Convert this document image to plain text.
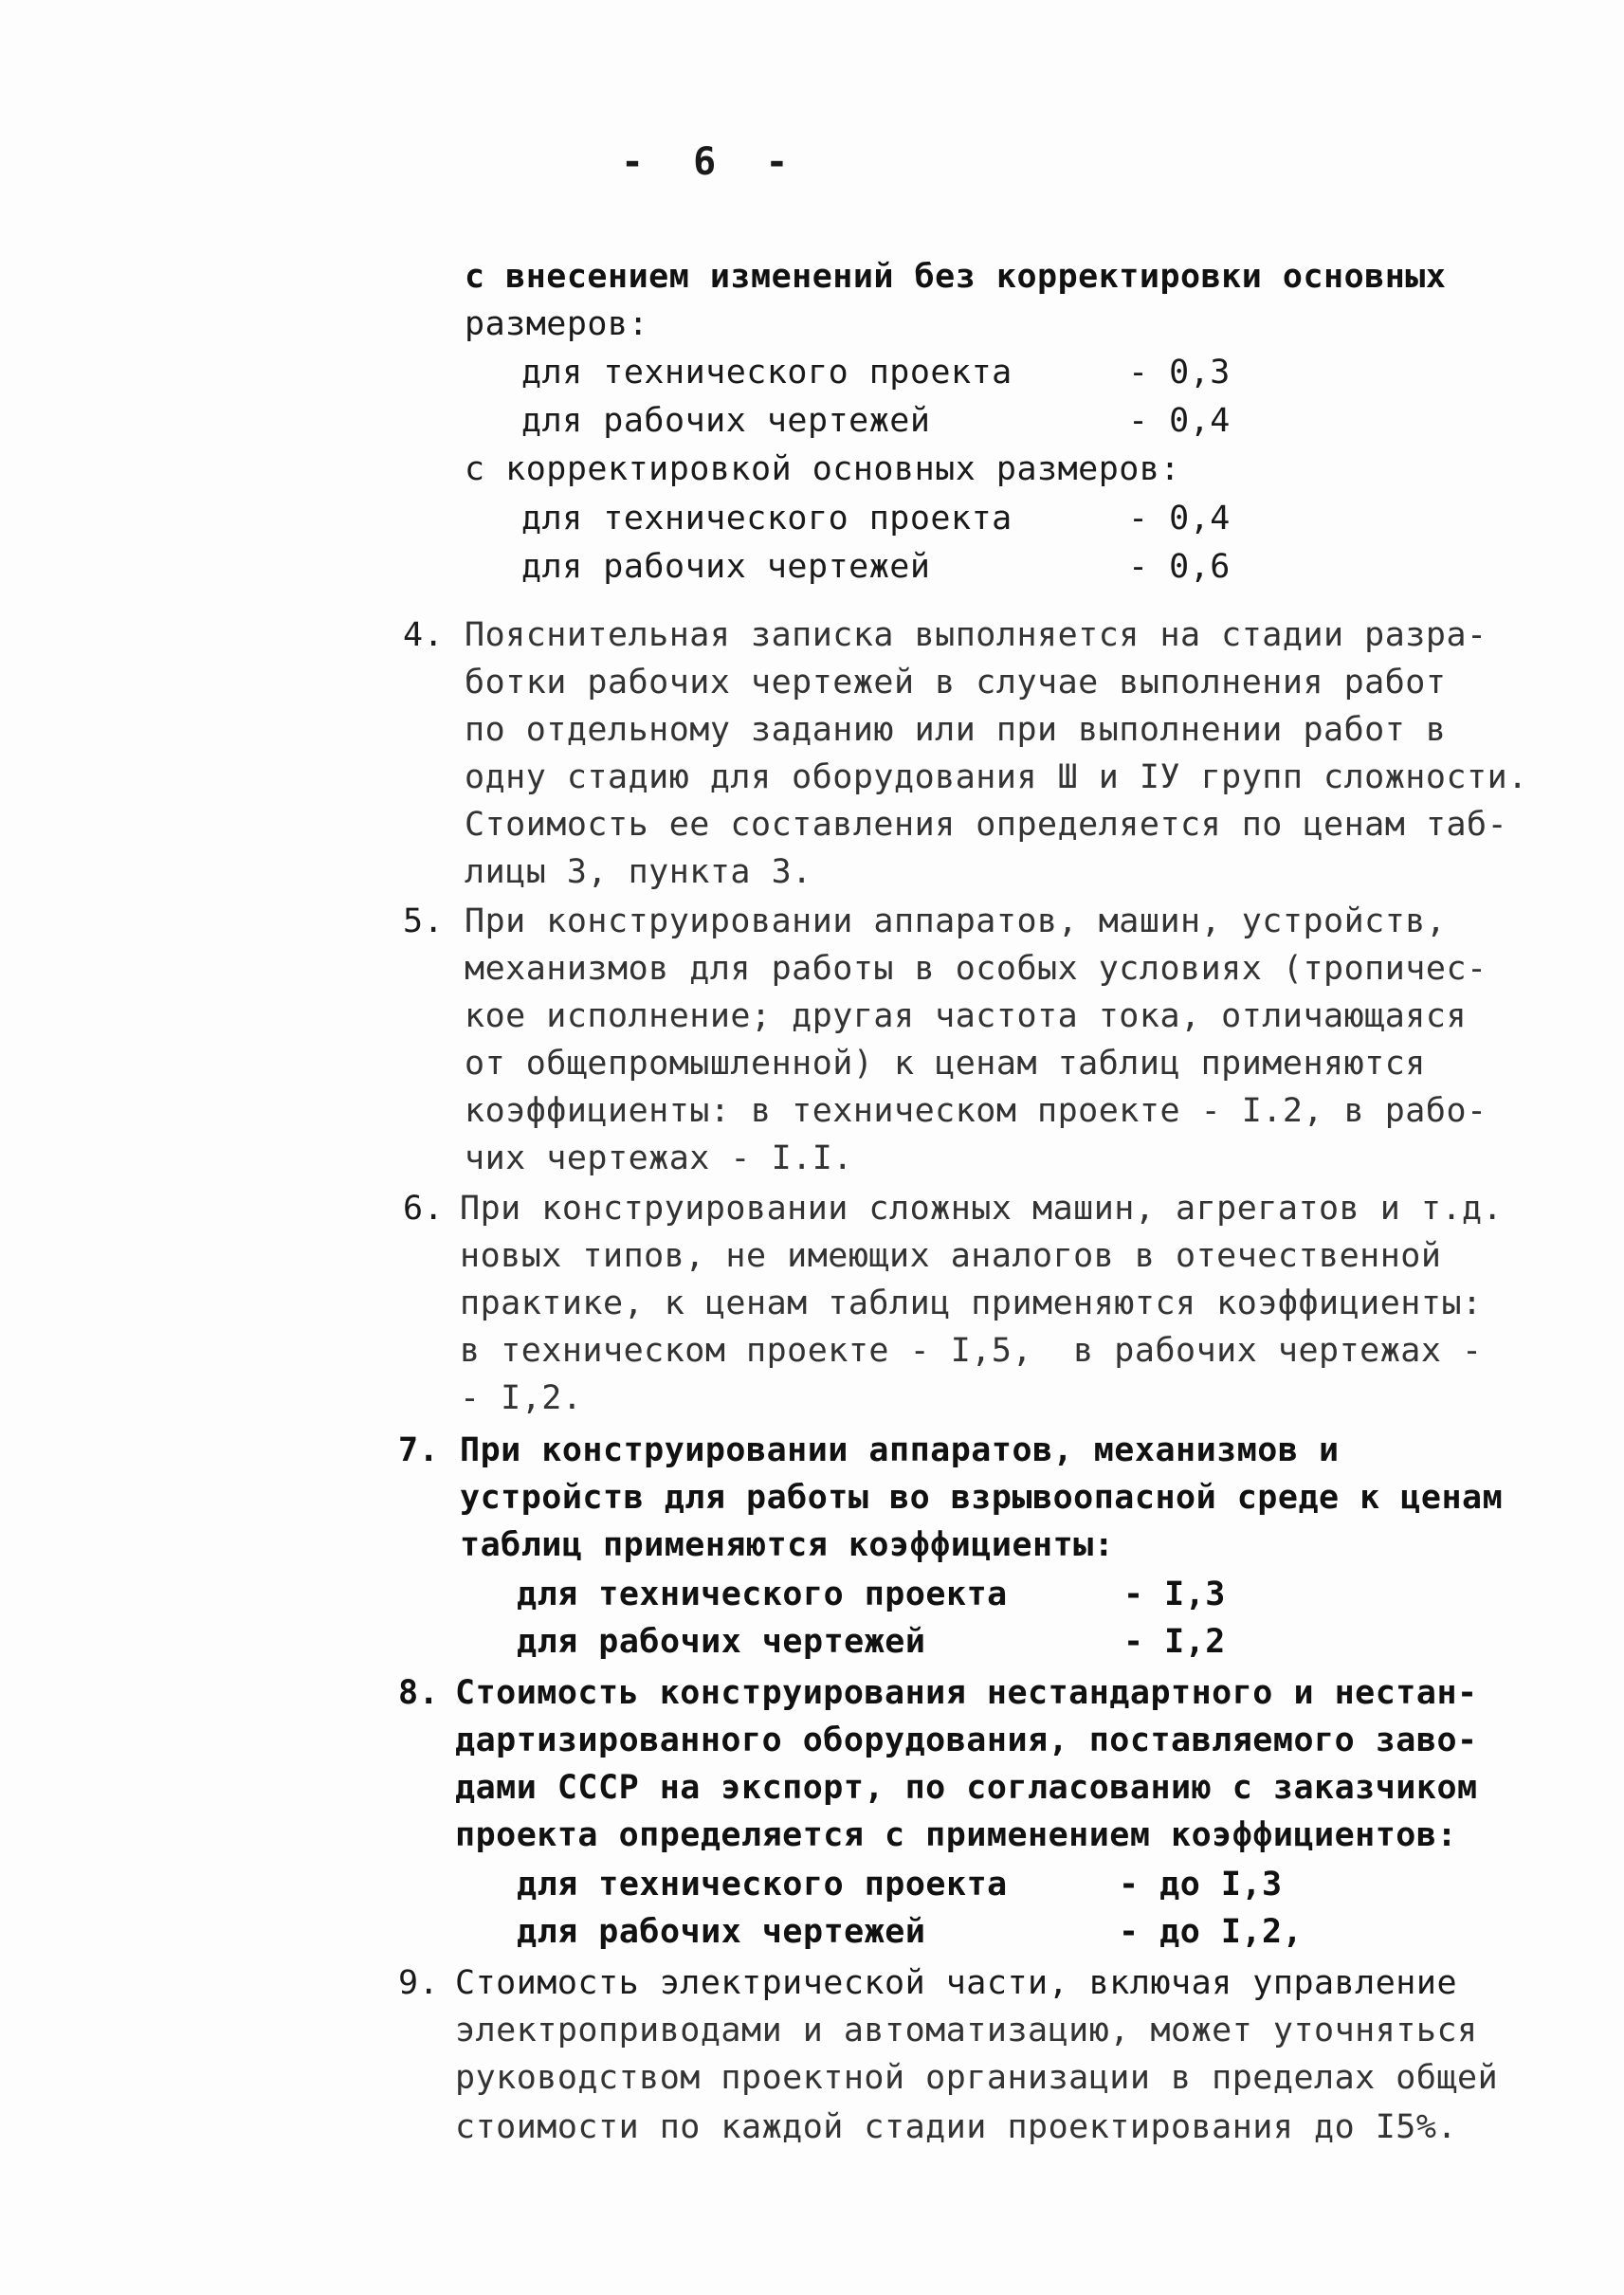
- 6 -
с внесением изменений без корректировки основных
размеров:
для технического проекта	- 0,3
для рабочих чертежей	- 0,4
с корректировкой основных размеров:
для технического проекта	- 0,4
для рабочих чертежей	- 0,6
4. Пояснительная записка выполняется на стадии разра-
ботки рабочих чертежей в случае выполнения работ
по отдельному заданию или при выполнении работ в
одну стадию для оборудования Ш и IУ групп сложности.
Стоимость ее составления определяется по ценам таб-
лицы 3, пункта 3.
5. При конструировании аппаратов, машин, устройств,
механизмов для работы в особых условиях (тропичес-
кое исполнение; другая частота тока, отличающаяся
от общепромышленной) к ценам таблиц применяются
коэффициенты: в техническом проекте - I.2, в рабо-
чих чертежах - I.I.
6. При конструировании сложных машин, агрегатов и т.д.
новых типов, не имеющих аналогов в отечественной
практике, к ценам таблиц применяются коэффициенты:
в техническом проекте - I,5,  в рабочих чертежах -
- I,2.
7. При конструировании аппаратов, механизмов и
устройств для работы во взрывоопасной среде к ценам
таблиц применяются коэффициенты:
для технического проекта	- I,3
для рабочих чертежей	- I,2
8. Стоимость конструирования нестандартного и нестан-
дартизированного оборудования, поставляемого заво-
дами СССР на экспорт, по согласованию с заказчиком
проекта определяется с применением коэффициентов:
для технического проекта	- до I,3
для рабочих чертежей	- до I,2,
9. Стоимость электрической части, включая управление
электроприводами и автоматизацию, может уточняться
руководством проектной организации в пределах общей
стоимости по каждой стадии проектирования до I5%.
